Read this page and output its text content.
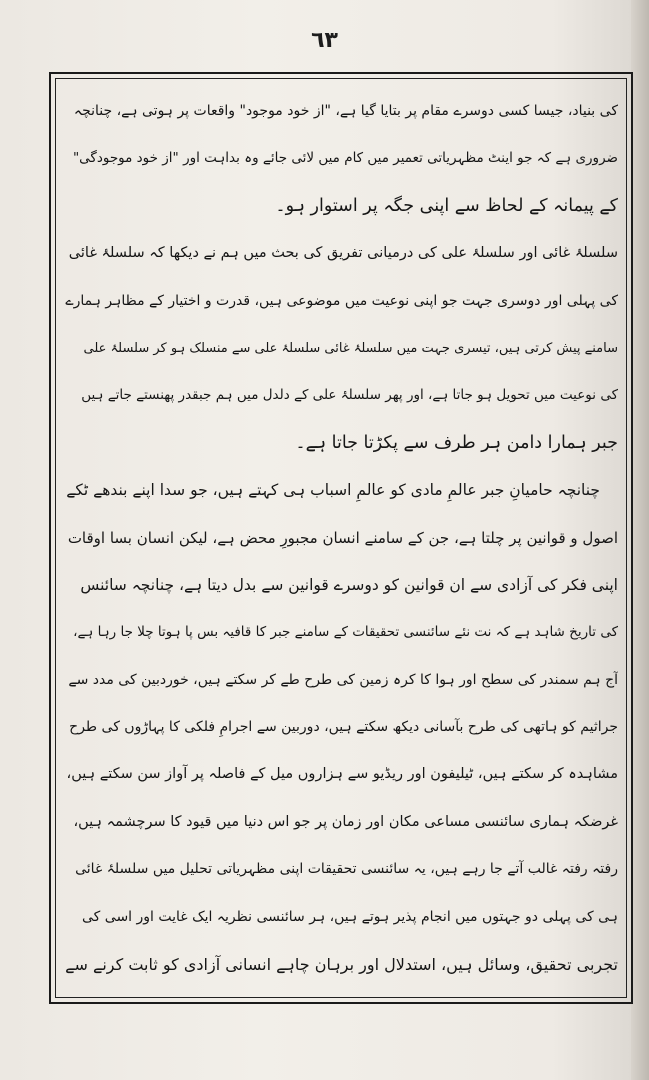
٦٣
کی بنیاد، جیسا کسی دوسرے مقام پر بتایا گیا ہے، "از خود موجود" واقعات پر ہوتی ہے، چنانچہ
ضروری ہے کہ جو اینٹ مظہریاتی تعمیر میں کام میں لائی جائے وہ بداہت اور "از خود موجودگی"
کے پیمانہ کے لحاظ سے اپنی جگہ پر استوار ہو۔
سلسلۂ غائی اور سلسلۂ علی کی درمیانی تفریق کی بحث میں ہم نے دیکھا کہ سلسلۂ غائی
کی پہلی اور دوسری جہت جو اپنی نوعیت میں موضوعی ہیں، قدرت و اختیار کے مظاہر ہمارے
سامنے پیش کرتی ہیں، تیسری جہت میں سلسلۂ غائی سلسلۂ علی سے منسلک ہو کر سلسلۂ علی
کی نوعیت میں تحویل ہو جاتا ہے، اور پھر سلسلۂ علی کے دلدل میں ہم جبقدر پھنستے جاتے ہیں
جبر ہمارا دامن ہر طرف سے پکڑتا جاتا ہے۔
چنانچہ حامیانِ جبر عالمِ مادی کو عالمِ اسباب ہی کہتے ہیں، جو سدا اپنے بندھے ٹکے
اصول و قوانین پر چلتا ہے، جن کے سامنے انسان مجبورِ محض ہے، لیکن انسان بسا اوقات
اپنی فکر کی آزادی سے ان قوانین کو دوسرے قوانین سے بدل دیتا ہے، چنانچہ سائنس
کی تاریخ شاہد ہے کہ نت نئے سائنسی تحقیقات کے سامنے جبر کا قافیہ بس پا ہوتا چلا جا رہا ہے،
آج ہم سمندر کی سطح اور ہوا کا کرہ زمین کی طرح طے کر سکتے ہیں، خوردبین کی مدد سے
جراثیم کو ہاتھی کی طرح بآسانی دیکھ سکتے ہیں، دوربین سے اجرامِ فلکی کا پہاڑوں کی طرح
مشاہدہ کر سکتے ہیں، ٹیلیفون اور ریڈیو سے ہزاروں میل کے فاصلہ پر آواز سن سکتے ہیں،
غرضکہ ہماری سائنسی مساعی مکان اور زمان پر جو اس دنیا میں قیود کا سرچشمہ ہیں،
رفتہ رفتہ غالب آتے جا رہے ہیں، یہ سائنسی تحقیقات اپنی مظہریاتی تحلیل میں سلسلۂ غائی
ہی کی پہلی دو جہتوں میں انجام پذیر ہوتے ہیں، ہر سائنسی نظریہ ایک غایت اور اسی کی
تجربی تحقیق، وسائل ہیں، استدلال اور برہان چاہے انسانی آزادی کو ثابت کرنے سے
